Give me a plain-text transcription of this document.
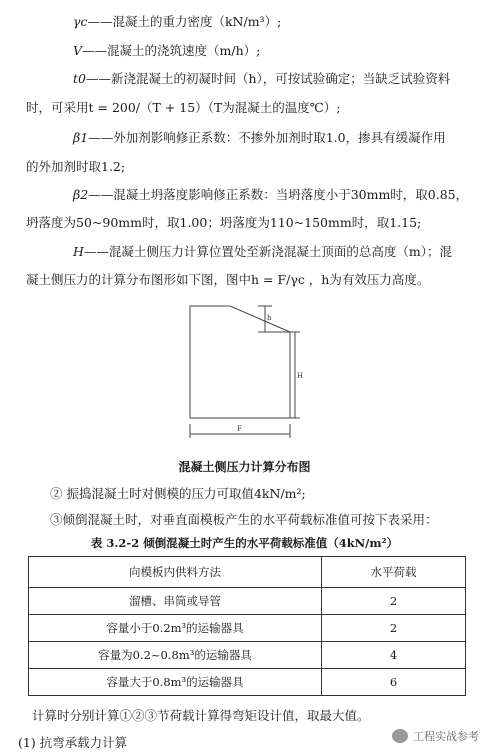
γc——混凝土的重力密度（kN/m³）;
V——混凝土的浇筑速度（m/h）;
t0——新浇混凝土的初凝时间（h），可按试验确定；当缺乏试验资料
时，可采用t = 200/（T + 15）（T为混凝土的温度℃）;
β1——外加剂影响修正系数：不掺外加剂时取1.0，掺具有缓凝作用
的外加剂时取1.2;
β2——混凝土坍落度影响修正系数：当坍落度小于30mm时，取0.85，
坍落度为50~90mm时，取1.00；坍落度为110~150mm时，取1.15;
H——混凝土侧压力计算位置处至新浇混凝土顶面的总高度（m）；混
凝土侧压力的计算分布图形如下图，图中h = F/γc ，h为有效压力高度。
h
H
F
混凝土侧压力计算分布图
② 振捣混凝土时对侧模的压力可取值4kN/m²;
③倾倒混凝土时，对垂直面模板产生的水平荷载标准值可按下表采用：
表 3.2-2 倾倒混凝土时产生的水平荷载标准值（4kN/m²）
向模板内供料方法	水平荷载
溜槽、串筒或导管	2
容量小于0.2m³的运输器具	2
容量为0.2~0.8m³的运输器具	4
容量大于0.8m³的运输器具	6
计算时分别计算①②③节荷载计算得弯矩设计值，取最大值。
(1) 抗弯承载力计算	工程实战参考
